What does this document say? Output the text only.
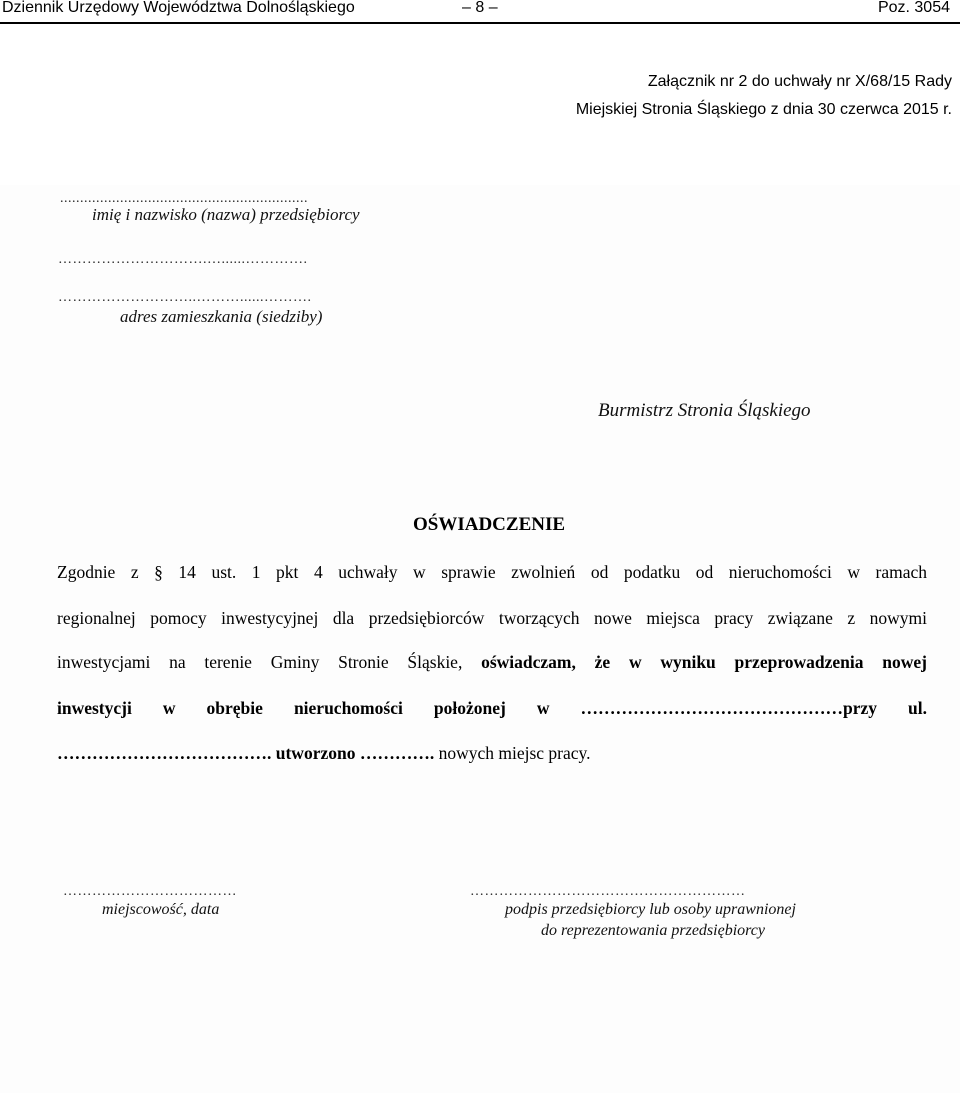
Dziennik Urzędowy Województwa Dolnośląskiego	– 8 –	Poz. 3054
Załącznik nr 2 do uchwały nr X/68/15 Rady
Miejskiej Stronia Śląskiego z dnia 30 czerwca 2015 r.
..............................................................
imię i nazwisko (nazwa) przedsiębiorcy
………………………….…......………….
………………………..………......……….
adres zamieszkania (siedziby)
Burmistrz Stronia Śląskiego
OŚWIADCZENIE
Zgodnie z § 14 ust. 1 pkt 4 uchwały w sprawie zwolnień od podatku od nieruchomości w ramach
regionalnej pomocy inwestycyjnej dla przedsiębiorców tworzących nowe miejsca pracy związane z nowymi
inwestycjami na terenie Gminy Stronie Śląskie, oświadczam, że w wyniku przeprowadzenia nowej
inwestycji w obrębie nieruchomości położonej w ………………………………………przy ul.
………………………………. utworzono …………. nowych miejsc pracy.
………………………………
miejscowość, data
…………………………………………………
podpis przedsiębiorcy lub osoby uprawnionej
do reprezentowania przedsiębiorcy
